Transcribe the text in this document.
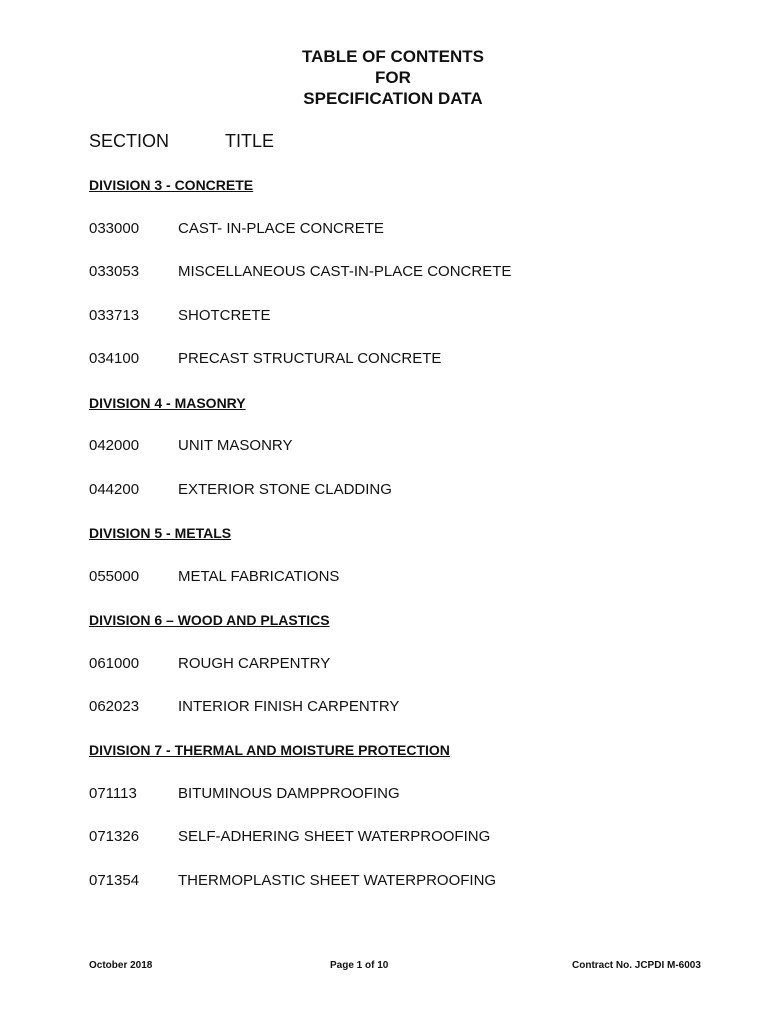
TABLE OF CONTENTS
FOR
SPECIFICATION DATA
SECTION	TITLE
DIVISION 3 - CONCRETE
033000	CAST- IN-PLACE CONCRETE
033053	MISCELLANEOUS CAST-IN-PLACE CONCRETE
033713	SHOTCRETE
034100	PRECAST STRUCTURAL CONCRETE
DIVISION 4 - MASONRY
042000	UNIT MASONRY
044200	EXTERIOR STONE CLADDING
DIVISION 5 - METALS
055000	METAL FABRICATIONS
DIVISION 6 – WOOD AND PLASTICS
061000	ROUGH CARPENTRY
062023	INTERIOR FINISH CARPENTRY
DIVISION 7 - THERMAL AND MOISTURE PROTECTION
071113	BITUMINOUS DAMPPROOFING
071326	SELF-ADHERING SHEET WATERPROOFING
071354	THERMOPLASTIC SHEET WATERPROOFING
October 2018	Page 1 of 10	Contract No. JCPDI M-6003
